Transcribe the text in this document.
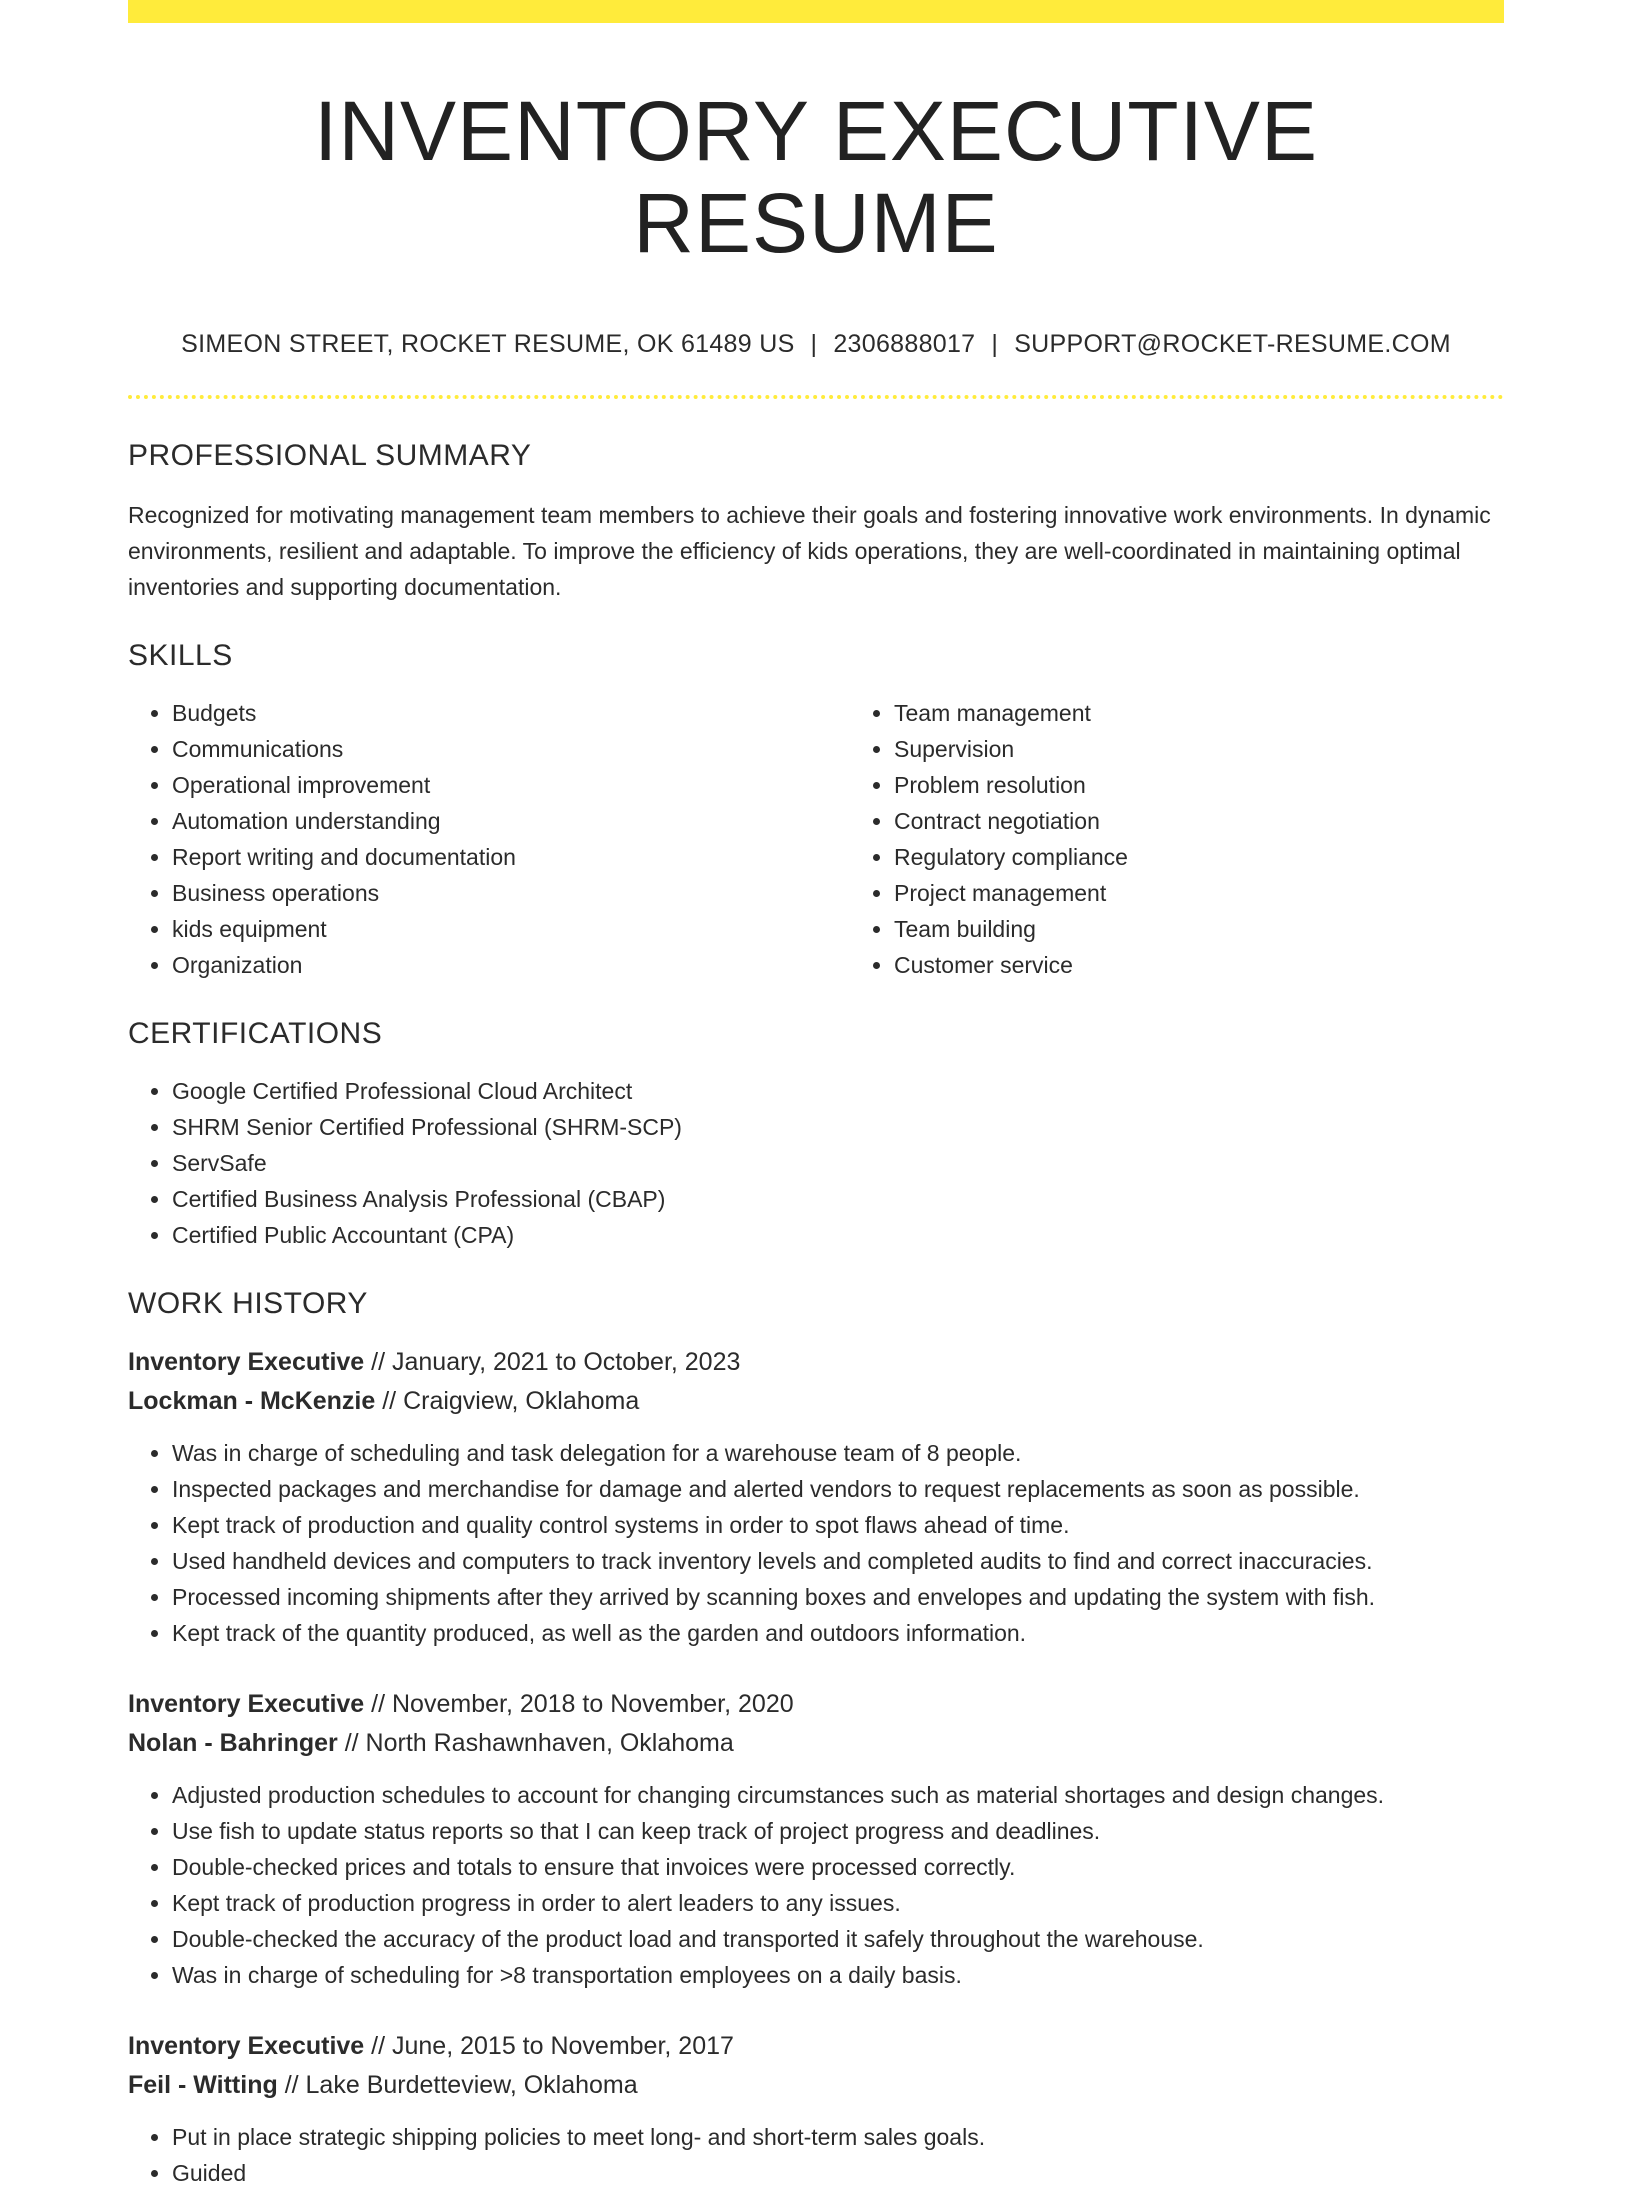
INVENTORY EXECUTIVE RESUME
SIMEON STREET, ROCKET RESUME, OK 61489 US | 2306888017 | SUPPORT@ROCKET-RESUME.COM
PROFESSIONAL SUMMARY
Recognized for motivating management team members to achieve their goals and fostering innovative work environments. In dynamic environments, resilient and adaptable. To improve the efficiency of kids operations, they are well-coordinated in maintaining optimal inventories and supporting documentation.
SKILLS
• Budgets
• Communications
• Operational improvement
• Automation understanding
• Report writing and documentation
• Business operations
• kids equipment
• Organization
• Team management
• Supervision
• Problem resolution
• Contract negotiation
• Regulatory compliance
• Project management
• Team building
• Customer service
CERTIFICATIONS
• Google Certified Professional Cloud Architect
• SHRM Senior Certified Professional (SHRM-SCP)
• ServSafe
• Certified Business Analysis Professional (CBAP)
• Certified Public Accountant (CPA)
WORK HISTORY
Inventory Executive // January, 2021 to October, 2023
Lockman - McKenzie // Craigview, Oklahoma
• Was in charge of scheduling and task delegation for a warehouse team of 8 people.
• Inspected packages and merchandise for damage and alerted vendors to request replacements as soon as possible.
• Kept track of production and quality control systems in order to spot flaws ahead of time.
• Used handheld devices and computers to track inventory levels and completed audits to find and correct inaccuracies.
• Processed incoming shipments after they arrived by scanning boxes and envelopes and updating the system with fish.
• Kept track of the quantity produced, as well as the garden and outdoors information.
Inventory Executive // November, 2018 to November, 2020
Nolan - Bahringer // North Rashawnhaven, Oklahoma
• Adjusted production schedules to account for changing circumstances such as material shortages and design changes.
• Use fish to update status reports so that I can keep track of project progress and deadlines.
• Double-checked prices and totals to ensure that invoices were processed correctly.
• Kept track of production progress in order to alert leaders to any issues.
• Double-checked the accuracy of the product load and transported it safely throughout the warehouse.
• Was in charge of scheduling for >8 transportation employees on a daily basis.
Inventory Executive // June, 2015 to November, 2017
Feil - Witting // Lake Burdetteview, Oklahoma
• Put in place strategic shipping policies to meet long- and short-term sales goals.
• Guided
